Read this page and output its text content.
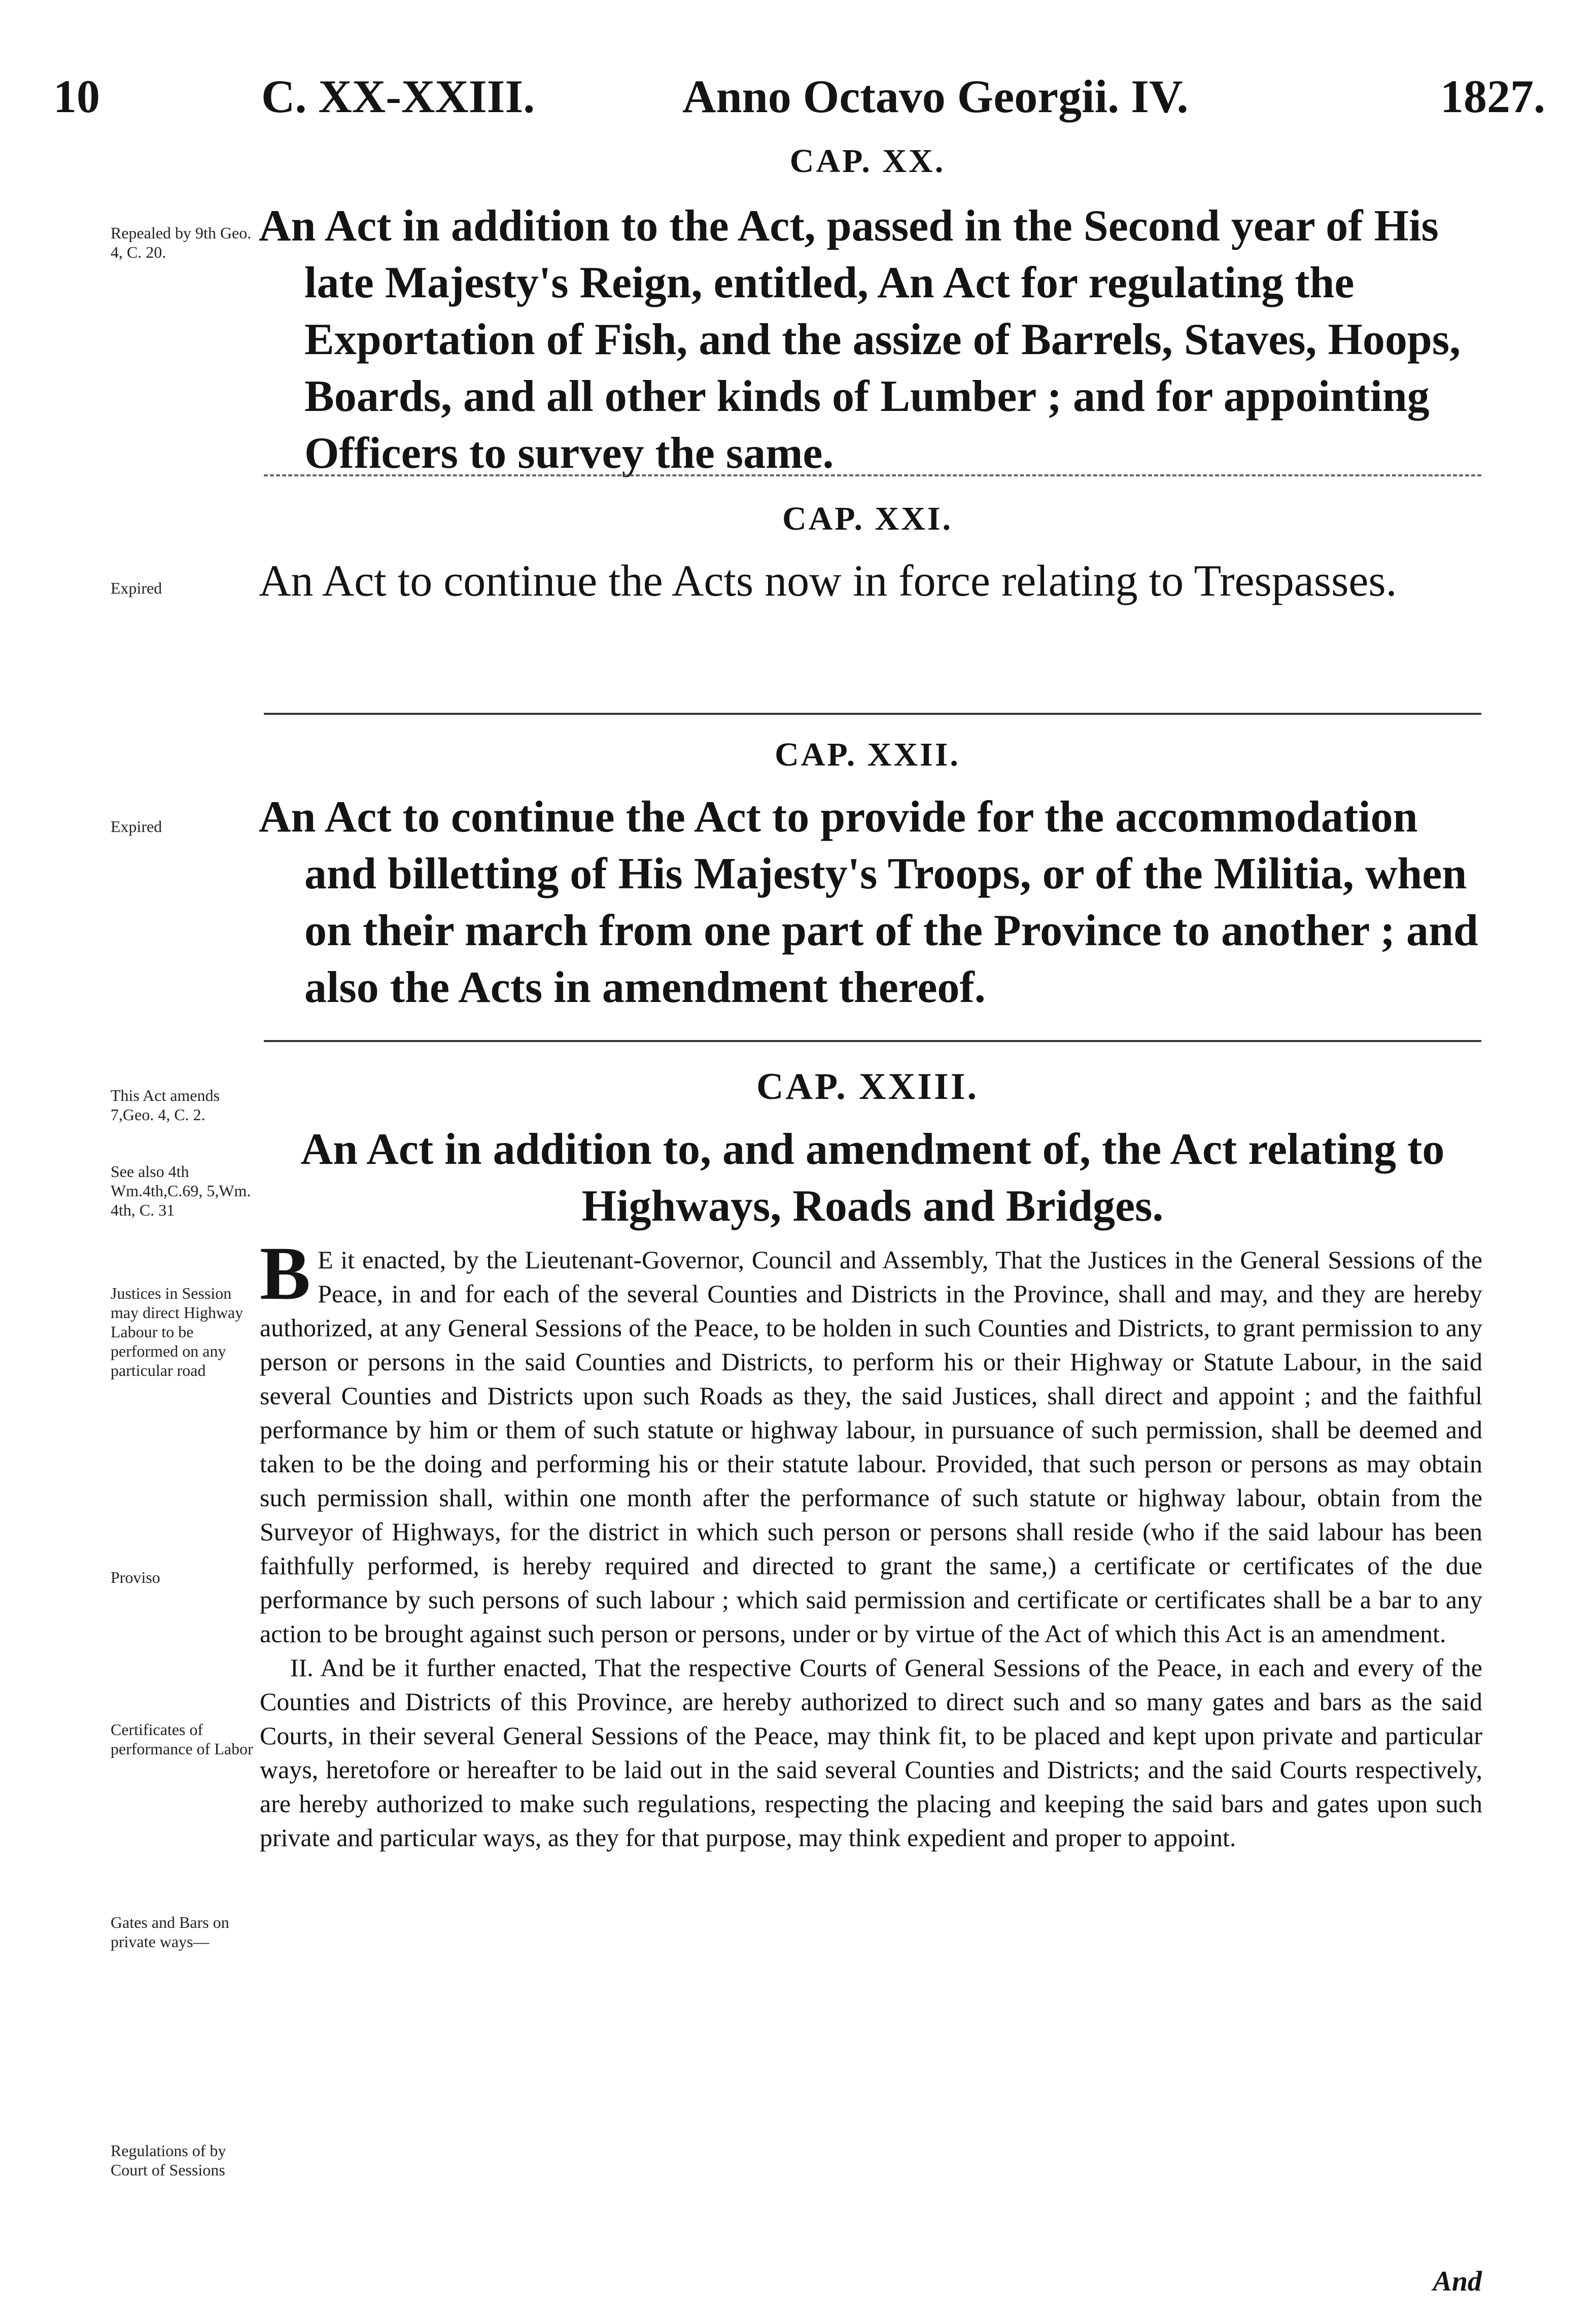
10	C. XX-XXIII.	Anno Octavo Georgii. IV.	1827.
CAP. XX.
Repealed by 9th Geo. 4, C. 20.
An Act in addition to the Act, passed in the Second year of His late Majesty's Reign, entitled, An Act for regulating the Exportation of Fish, and the assize of Barrels, Staves, Hoops, Boards, and all other kinds of Lumber ; and for appointing Officers to survey the same.
CAP. XXI.
Expired	An Act to continue the Acts now in force relating to Trespasses.
CAP. XXII.
Expired	An Act to continue the Act to provide for the accommodation and billetting of His Majesty's Troops, or of the Militia, when on their march from one part of the Province to another ; and also the Acts in amendment thereof.
CAP. XXIII.
This Act amends 7,Geo. 4, C. 2.
See also 4th Wm.4th,C.69, 5,Wm. 4th, C. 31
An Act in addition to, and amendment of, the Act relating to Highways, Roads and Bridges.
Justices in Session may direct Highway Labour to be performed on any particular road
Proviso
Certificates of performance of Labor
Gates and Bars on private ways—
Regulations of by Court of Sessions

B E it enacted, by the Lieutenant-Governor, Council and Assembly, That the Justices in the General Sessions of the Peace, in and for each of the several Counties and Districts in the Province, shall and may, and they are hereby authorized, at any General Sessions of the Peace, to be holden in such Counties and Districts, to grant permission to any person or persons in the said Counties and Districts, to perform his or their Highway or Statute Labour, in the said several Counties and Districts upon such Roads as they, the said Justices, shall direct and appoint ; and the faithful performance by him or them of such statute or highway labour, in pursuance of such permission, shall be deemed and taken to be the doing and performing his or their statute labour. Provided, that such person or persons as may obtain such permission shall, within one month after the performance of such statute or highway labour, obtain from the Surveyor of Highways, for the district in which such person or persons shall reside (who if the said labour has been faithfully performed, is hereby required and directed to grant the same,) a certificate or certificates of the due performance by such persons of such labour ; which said permission and certificate or certificates shall be a bar to any action to be brought against such person or persons, under or by virtue of the Act of which this Act is an amendment.

II. And be it further enacted, That the respective Courts of General Sessions of the Peace, in each and every of the Counties and Districts of this Province, are hereby authorized to direct such and so many gates and bars as the said Courts, in their several General Sessions of the Peace, may think fit, to be placed and kept upon private and particular ways, heretofore or hereafter to be laid out in the said several Counties and Districts; and the said Courts respectively, are hereby authorized to make such regulations, respecting the placing and keeping the said bars and gates upon such private and particular ways, as they for that purpose, may think expedient and proper to appoint.

And
